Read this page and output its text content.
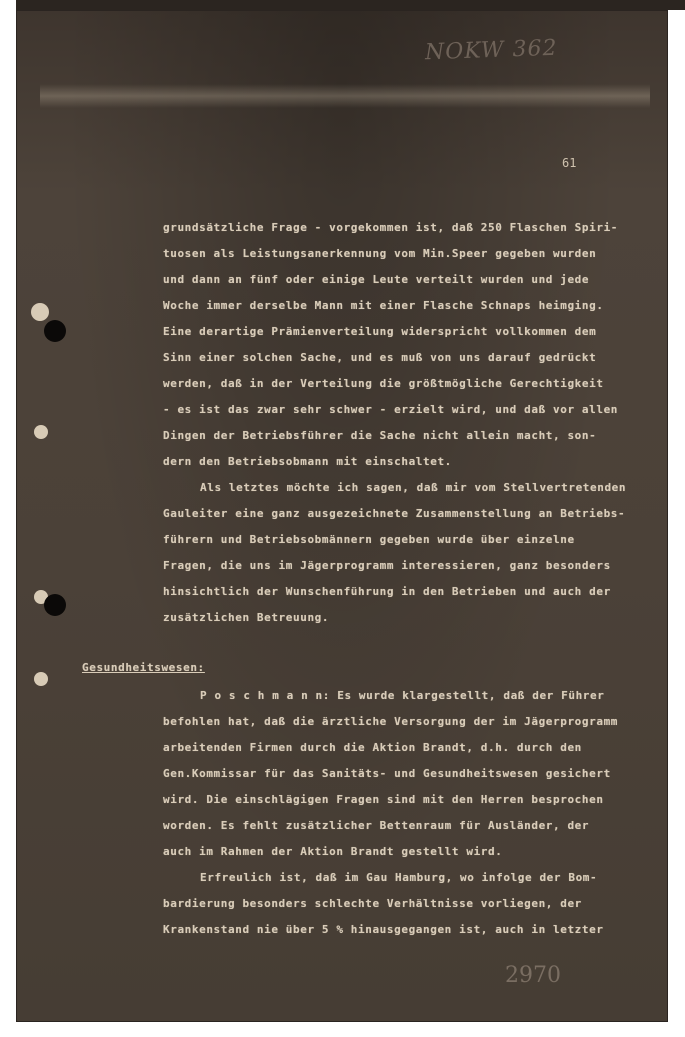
NOKW 362
61
grundsätzliche Frage - vorgekommen ist, daß 250 Flaschen Spiri-
tuosen als Leistungsanerkennung vom Min.Speer gegeben wurden
und dann an fünf oder einige Leute verteilt wurden und jede
Woche immer derselbe Mann mit einer Flasche Schnaps heimging.
Eine derartige Prämienverteilung widerspricht vollkommen dem
Sinn einer solchen Sache, und es muß von uns darauf gedrückt
werden, daß in der Verteilung die größtmögliche Gerechtigkeit
- es ist das zwar sehr schwer - erzielt wird, und daß vor allen
Dingen der Betriebsführer die Sache nicht allein macht, son-
dern den Betriebsobmann mit einschaltet.
Als letztes möchte ich sagen, daß mir vom Stellvertretenden
Gauleiter eine ganz ausgezeichnete Zusammenstellung an Betriebs-
führern und Betriebsobmännern gegeben wurde über einzelne
Fragen, die uns im Jägerprogramm interessieren, ganz besonders
hinsichtlich der Wunschenführung in den Betrieben und auch der
zusätzlichen Betreuung.
Gesundheitswesen:
P o s c h m a n n: Es wurde klargestellt, daß der Führer
befohlen hat, daß die ärztliche Versorgung der im Jägerprogramm
arbeitenden Firmen durch die Aktion Brandt, d.h. durch den
Gen.Kommissar für das Sanitäts- und Gesundheitswesen gesichert
wird. Die einschlägigen Fragen sind mit den Herren besprochen
worden. Es fehlt zusätzlicher Bettenraum für Ausländer, der
auch im Rahmen der Aktion Brandt gestellt wird.
Erfreulich ist, daß im Gau Hamburg, wo infolge der Bom-
bardierung besonders schlechte Verhältnisse vorliegen, der
Krankenstand nie über 5 % hinausgegangen ist, auch in letzter
2970
